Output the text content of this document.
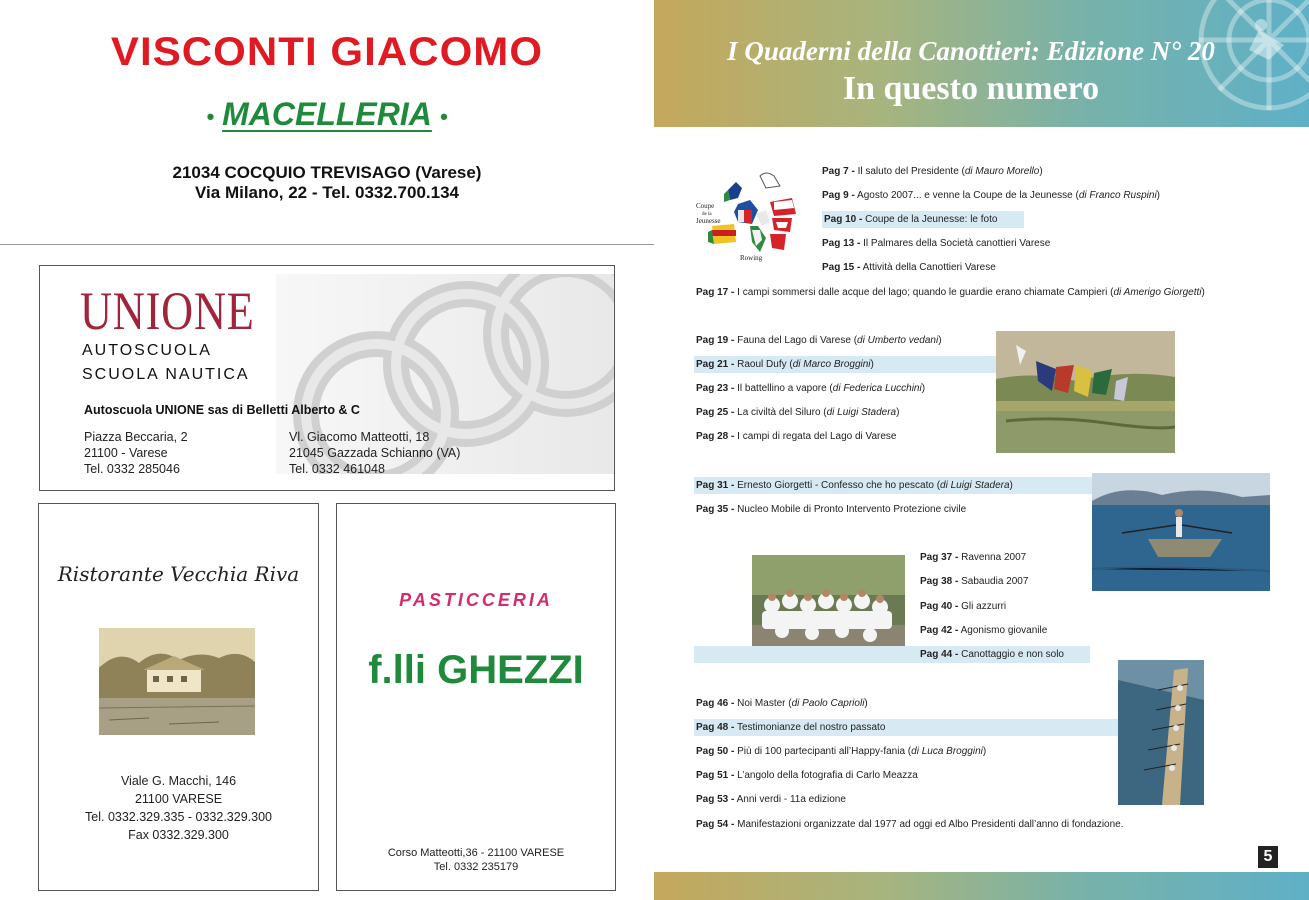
VISCONTI GIACOMO
• MACELLERIA •
21034 COCQUIO TREVISAGO (Varese)
Via Milano, 22 - Tel. 0332.700.134
UNIONE
AUTOSCUOLA
SCUOLA NAUTICA
Autoscuola UNIONE sas di Belletti Alberto & C
Piazza Beccaria, 2
21100 - Varese
Tel. 0332 285046
Vl. Giacomo Matteotti, 18
21045 Gazzada Schianno (VA)
Tel. 0332 461048
Ristorante Vecchia Riva
Viale G. Macchi, 146
21100 VARESE
Tel. 0332.329.335 - 0332.329.300
Fax 0332.329.300
PASTICCERIA
f.lli GHEZZI
Corso Matteotti,36 - 21100 VARESE
Tel. 0332 235179
I Quaderni della Canottieri: Edizione N° 20
In questo numero
Coupe
de la
Jeunesse
Rowing
Pag 7 - Il saluto del Presidente (di Mauro Morello)
Pag 9 - Agosto 2007... e venne la Coupe de la Jeunesse (di Franco Ruspini)
Pag 10 - Coupe de la Jeunesse: le foto
Pag 13 - Il Palmares della Società canottieri Varese
Pag 15 - Attività della Canottieri Varese
Pag 17 - I campi sommersi dalle acque del lago; quando le guardie erano chiamate Campieri (di Amerigo Giorgetti)
Pag 19 - Fauna del Lago di Varese (di Umberto vedani)
Pag 21 - Raoul Dufy (di Marco Broggini)
Pag 23 - Il battellino a vapore (di Federica Lucchini)
Pag 25 - La civiltà del Siluro (di Luigi Stadera)
Pag 28 - I campi di regata del Lago di Varese
Pag 31 - Ernesto Giorgetti - Confesso che ho pescato (di Luigi Stadera)
Pag 35 - Nucleo Mobile di Pronto Intervento Protezione civile
Pag 37 - Ravenna 2007
Pag 38 - Sabaudia 2007
Pag 40 - Gli azzurri
Pag 42 - Agonismo giovanile
Pag 44 - Canottaggio e non solo
Pag 46 - Noi Master (di Paolo Caprioli)
Pag 48 - Testimonianze del nostro passato
Pag 50 - Più di 100 partecipanti all’Happy-fania (di Luca Broggini)
Pag 51 - L’angolo della fotografia di Carlo Meazza
Pag 53 - Anni verdi - 11a edizione
Pag 54 - Manifestazioni organizzate dal 1977 ad oggi ed Albo Presidenti dall’anno di fondazione.
5
